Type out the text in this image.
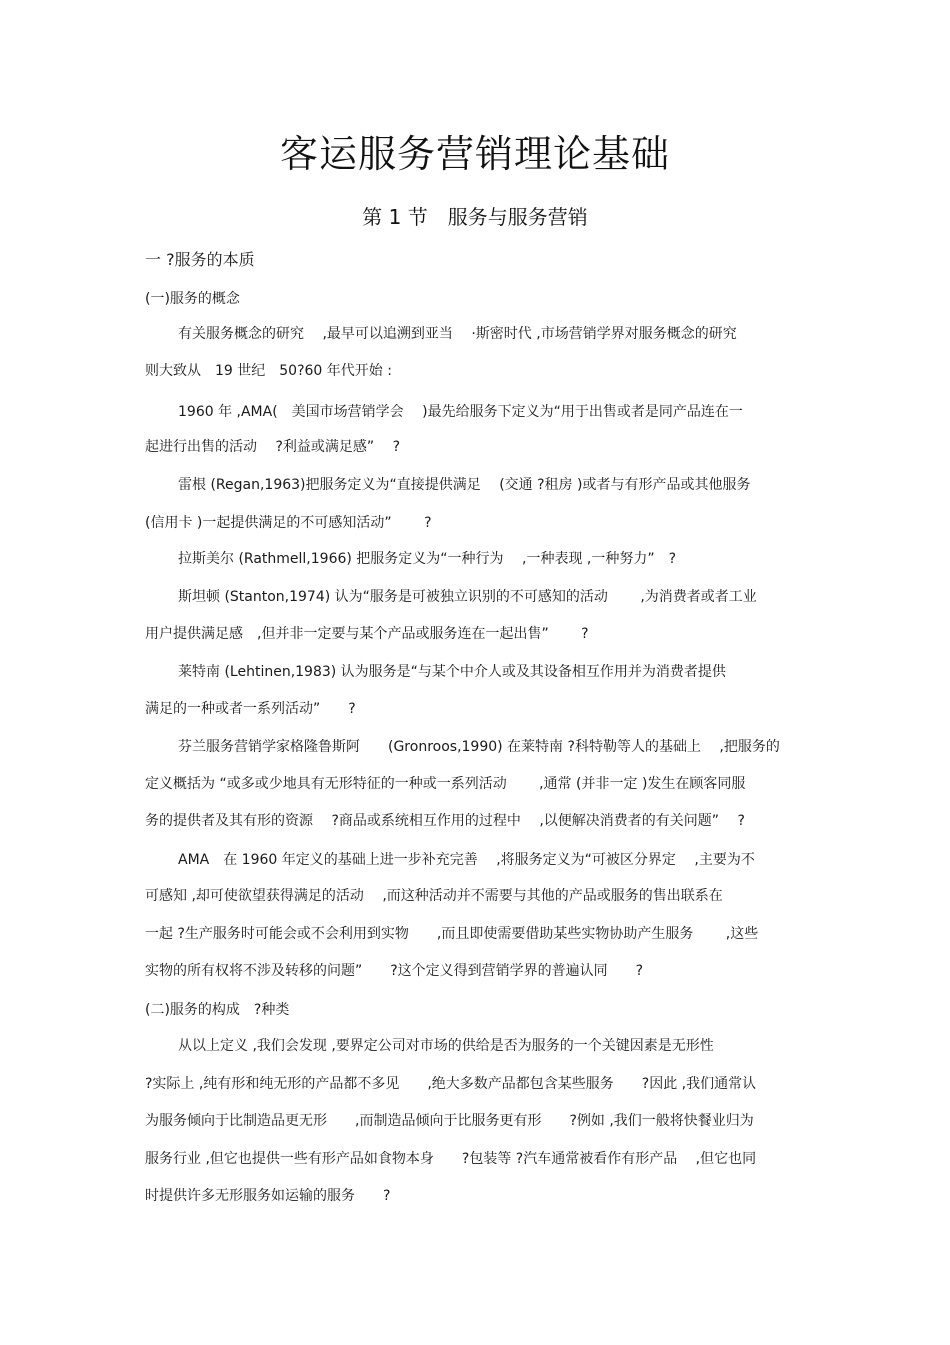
客运服务营销理论基础
第 1 节　服务与服务营销
一 ?服务的本质
(一)服务的概念
有关服务概念的研究　 ,最早可以追溯到亚当　 ·斯密时代 ,市场营销学界对服务概念的研究
则大致从　19 世纪　50?60 年代开始 :
1960 年 ,AMA(　美国市场营销学会　 )最先给服务下定义为“用于出售或者是同产品连在一
起进行出售的活动　 ?利益或满足感”　 ?
雷根 (Regan,1963)把服务定义为“直接提供满足　 (交通 ?租房 )或者与有形产品或其他服务
(信用卡 )一起提供满足的不可感知活动”　　 ?
拉斯美尔 (Rathmell,1966) 把服务定义为“一种行为　 ,一种表现 ,一种努力”　?
斯坦顿 (Stanton,1974) 认为“服务是可被独立识别的不可感知的活动　　 ,为消费者或者工业
用户提供满足感　,但并非一定要与某个产品或服务连在一起出售”　　 ?
莱特南 (Lehtinen,1983) 认为服务是“与某个中介人或及其设备相互作用并为消费者提供
满足的一种或者一系列活动”　　?
芬兰服务营销学家格隆鲁斯阿　　(Gronroos,1990) 在莱特南 ?科特勒等人的基础上　 ,把服务的
定义概括为 “或多或少地具有无形特征的一种或一系列活动　　 ,通常 (并非一定 )发生在顾客同服
务的提供者及其有形的资源　 ?商品或系统相互作用的过程中　 ,以便解决消费者的有关问题”　 ?
AMA　在 1960 年定义的基础上进一步补充完善　 ,将服务定义为“可被区分界定　 ,主要为不
可感知 ,却可使欲望获得满足的活动　 ,而这种活动并不需要与其他的产品或服务的售出联系在
一起 ?生产服务时可能会或不会利用到实物　　,而且即使需要借助某些实物协助产生服务　　 ,这些
实物的所有权将不涉及转移的问题”　　?这个定义得到营销学界的普遍认同　　?
(二)服务的构成　?种类
从以上定义 ,我们会发现 ,要界定公司对市场的供给是否为服务的一个关键因素是无形性
?实际上 ,纯有形和纯无形的产品都不多见　　,绝大多数产品都包含某些服务　　?因此 ,我们通常认
为服务倾向于比制造品更无形　　,而制造品倾向于比服务更有形　　?例如 ,我们一般将快餐业归为
服务行业 ,但它也提供一些有形产品如食物本身　　?包装等 ?汽车通常被看作有形产品　 ,但它也同
时提供许多无形服务如运输的服务　　?
